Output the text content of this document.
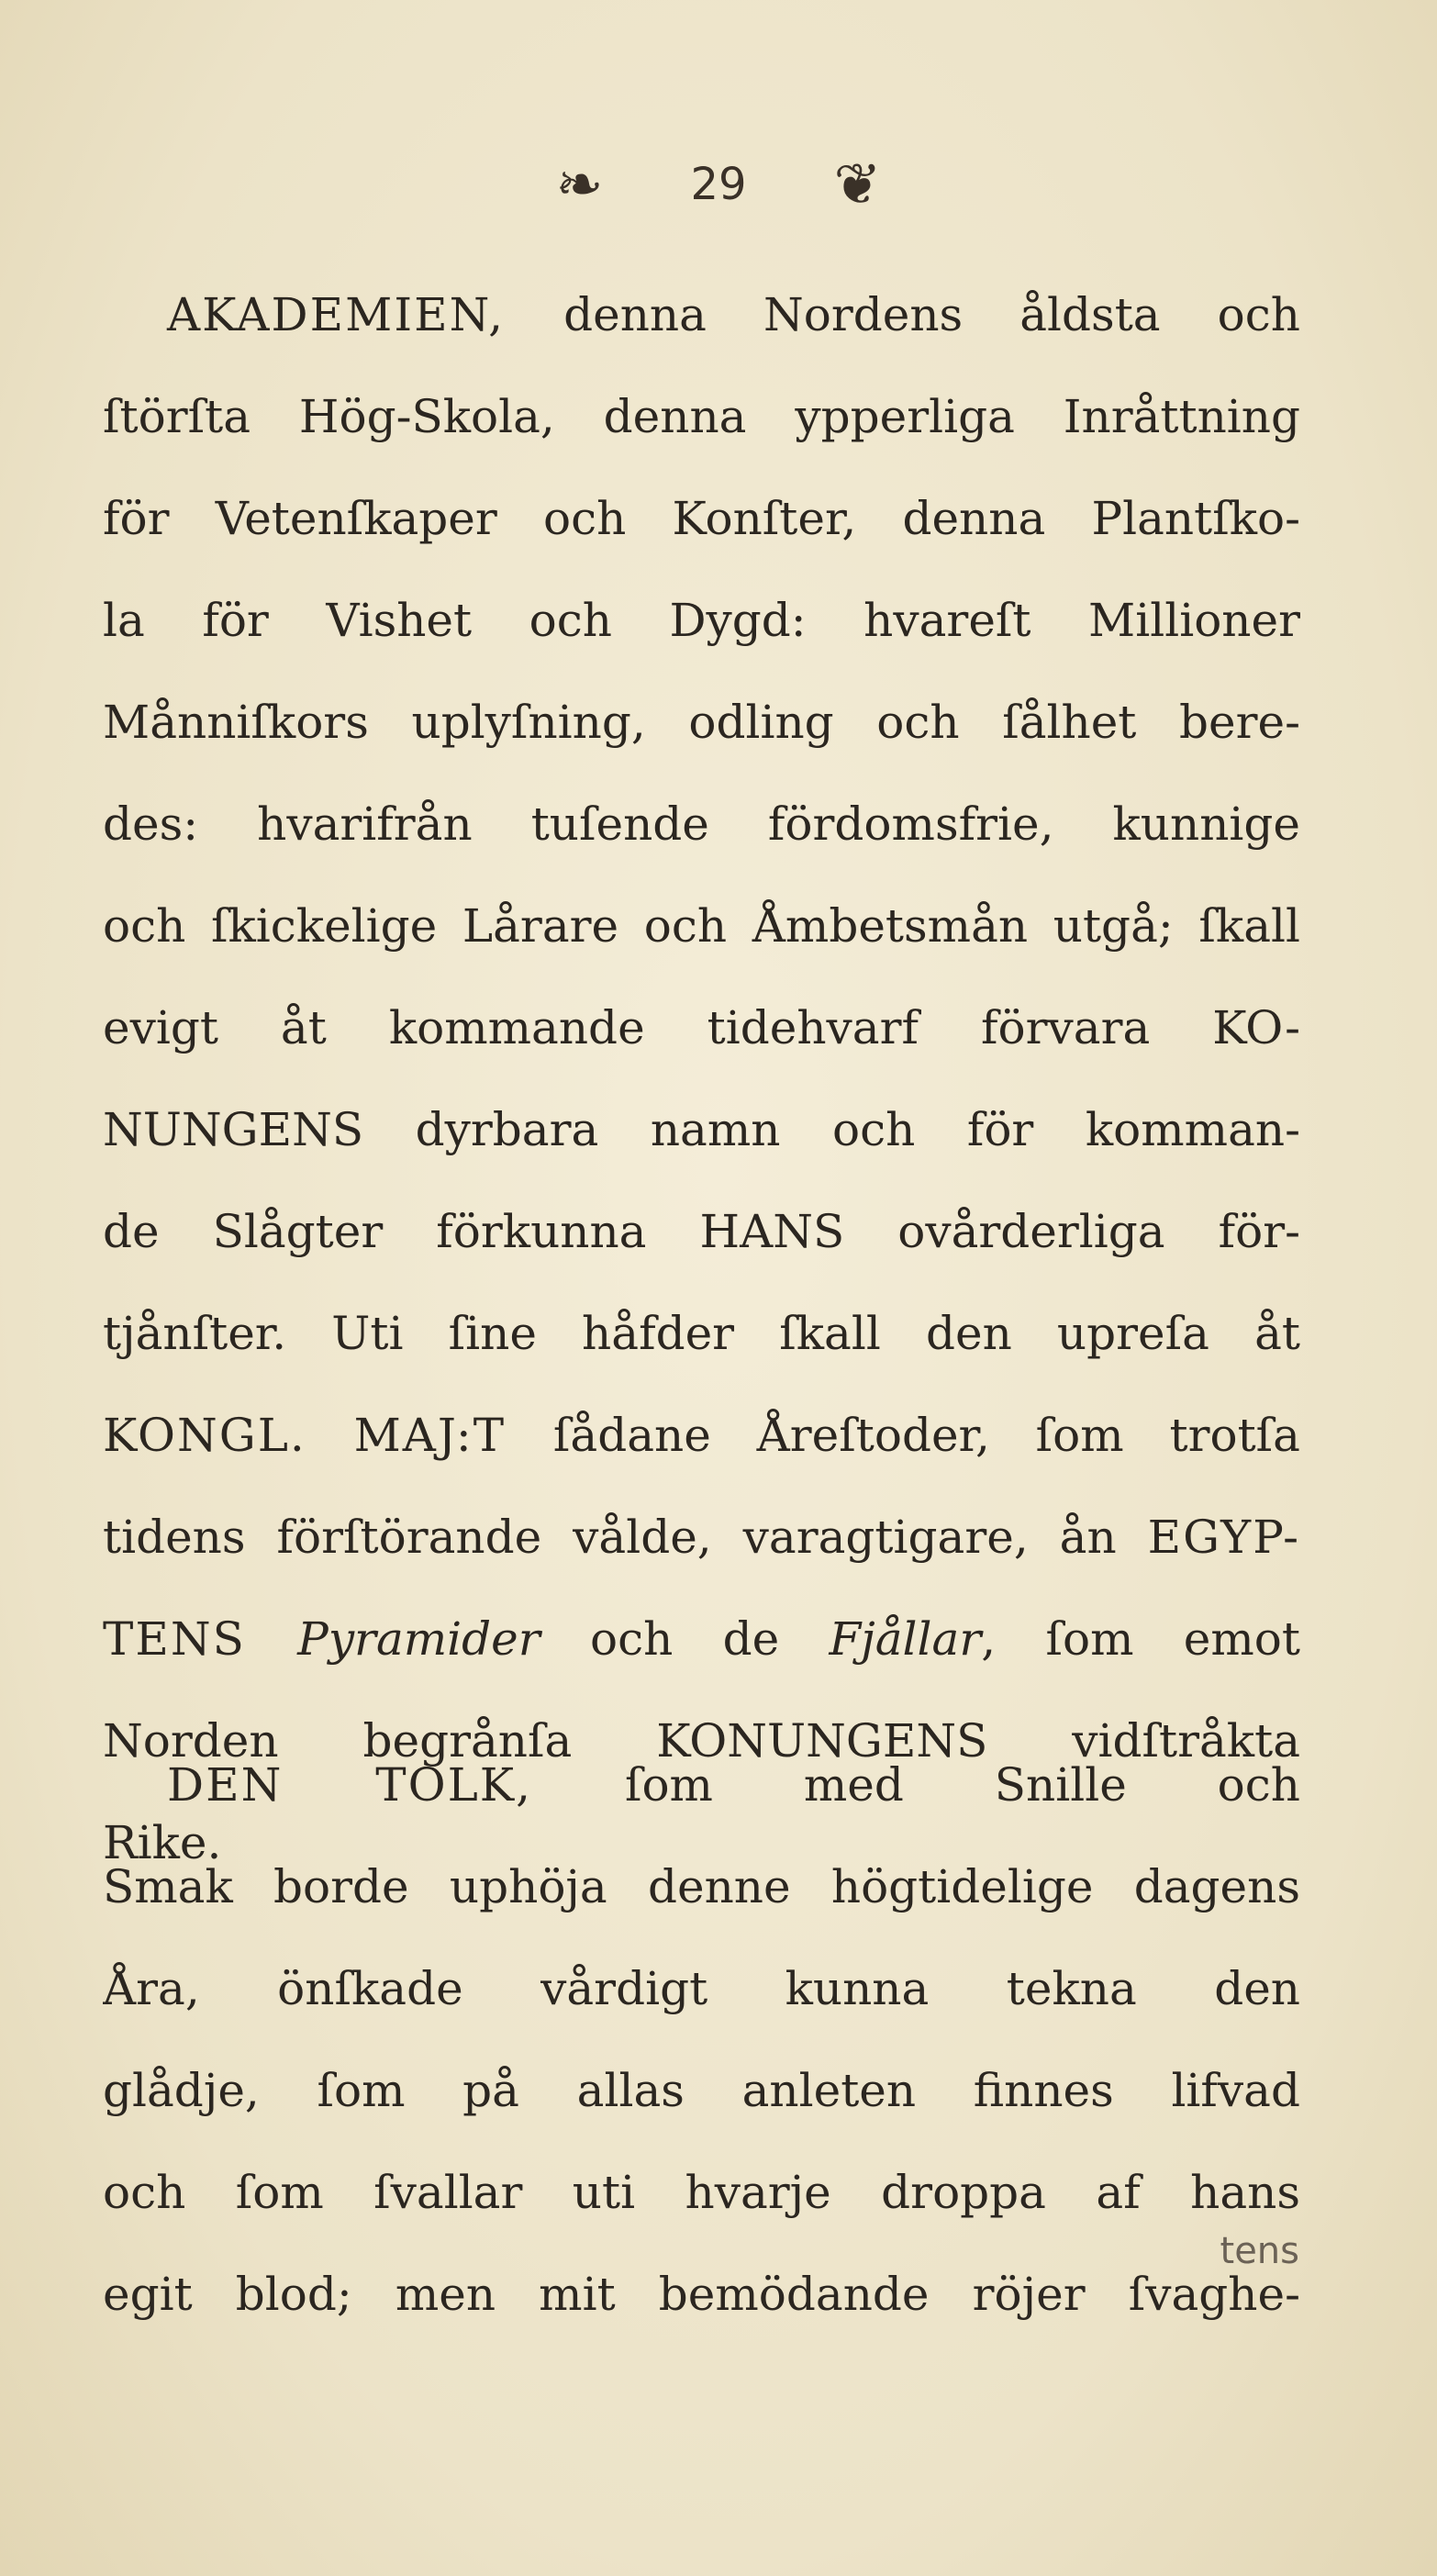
❧ 29 ❦
AKADEMIEN, denna Nordens åldsta och
ſtörſta Hög-Skola, denna ypperliga Inråttning
för Vetenſkaper och Konſter, denna Plantſko-
la för Vishet och Dygd: hvareſt Millioner
Månniſkors uplyſning, odling och ſålhet bere-
des: hvarifrån tuſende fördomsfrie, kunnige
och ſkickelige Lårare och Åmbetsmån utgå; ſkall
evigt åt kommande tidehvarf förvara KO-
NUNGENS dyrbara namn och för komman-
de Slågter förkunna HANS ovårderliga för-
tjånſter. Uti ſine håfder ſkall den upreſa åt
KONGL. MAJ:T ſådane Åreſtoder, ſom trotſa
tidens förſtörande vålde, varagtigare, ån EGYP-
TENS Pyramider och de Fjållar, ſom emot
Norden begrånſa KONUNGENS vidſtråkta
Rike.
DEN TOLK, ſom med Snille och
Smak borde uphöja denne högtidelige dagens
Åra, önſkade vårdigt kunna tekna den
glådje, ſom på allas anleten finnes lifvad
och ſom ſvallar uti hvarje droppa af hans
egit blod; men mit bemödande röjer ſvaghe-
tens
